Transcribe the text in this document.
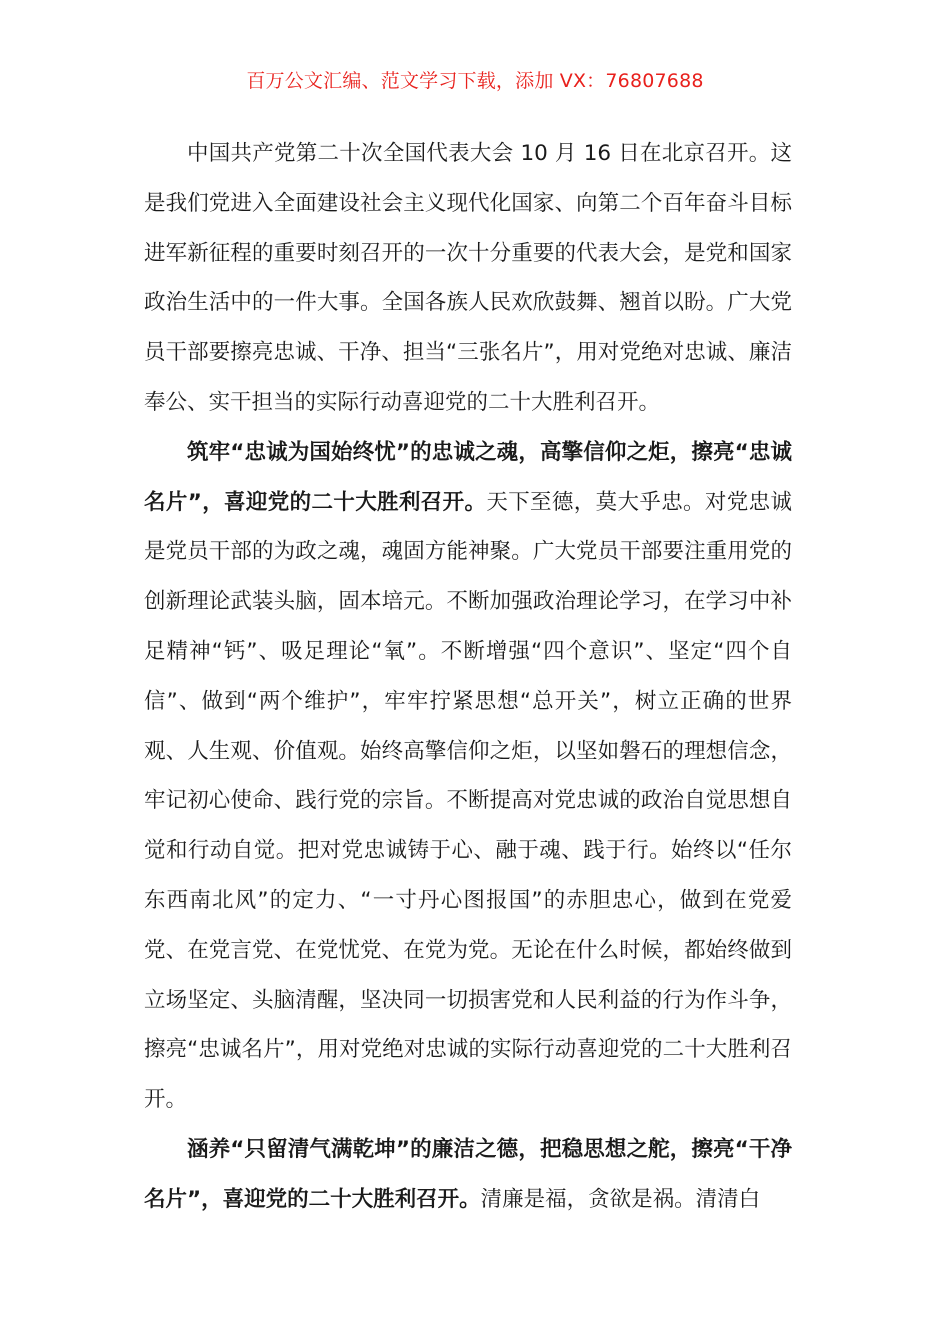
百万公文汇编、范文学习下载，添加 VX：76807688

中国共产党第二十次全国代表大会 10 月 16 日在北京召开。这是我们党进入全面建设社会主义现代化国家、向第二个百年奋斗目标进军新征程的重要时刻召开的一次十分重要的代表大会，是党和国家政治生活中的一件大事。全国各族人民欢欣鼓舞、翘首以盼。广大党员干部要擦亮忠诚、干净、担当“三张名片”，用对党绝对忠诚、廉洁奉公、实干担当的实际行动喜迎党的二十大胜利召开。

筑牢“忠诚为国始终忧”的忠诚之魂，高擎信仰之炬，擦亮“忠诚名片”，喜迎党的二十大胜利召开。天下至德，莫大乎忠。对党忠诚是党员干部的为政之魂，魂固方能神聚。广大党员干部要注重用党的创新理论武装头脑，固本培元。不断加强政治理论学习，在学习中补足精神“钙”、吸足理论“氧”。不断增强“四个意识”、坚定“四个自信”、做到“两个维护”，牢牢拧紧思想“总开关”，树立正确的世界观、人生观、价值观。始终高擎信仰之炬，以坚如磐石的理想信念，牢记初心使命、践行党的宗旨。不断提高对党忠诚的政治自觉思想自觉和行动自觉。把对党忠诚铸于心、融于魂、践于行。始终以“任尔东西南北风”的定力、“一寸丹心图报国”的赤胆忠心，做到在党爱党、在党言党、在党忧党、在党为党。无论在什么时候，都始终做到立场坚定、头脑清醒，坚决同一切损害党和人民利益的行为作斗争，擦亮“忠诚名片”，用对党绝对忠诚的实际行动喜迎党的二十大胜利召开。

涵养“只留清气满乾坤”的廉洁之德，把稳思想之舵，擦亮“干净名片”，喜迎党的二十大胜利召开。清廉是福，贪欲是祸。清清白
